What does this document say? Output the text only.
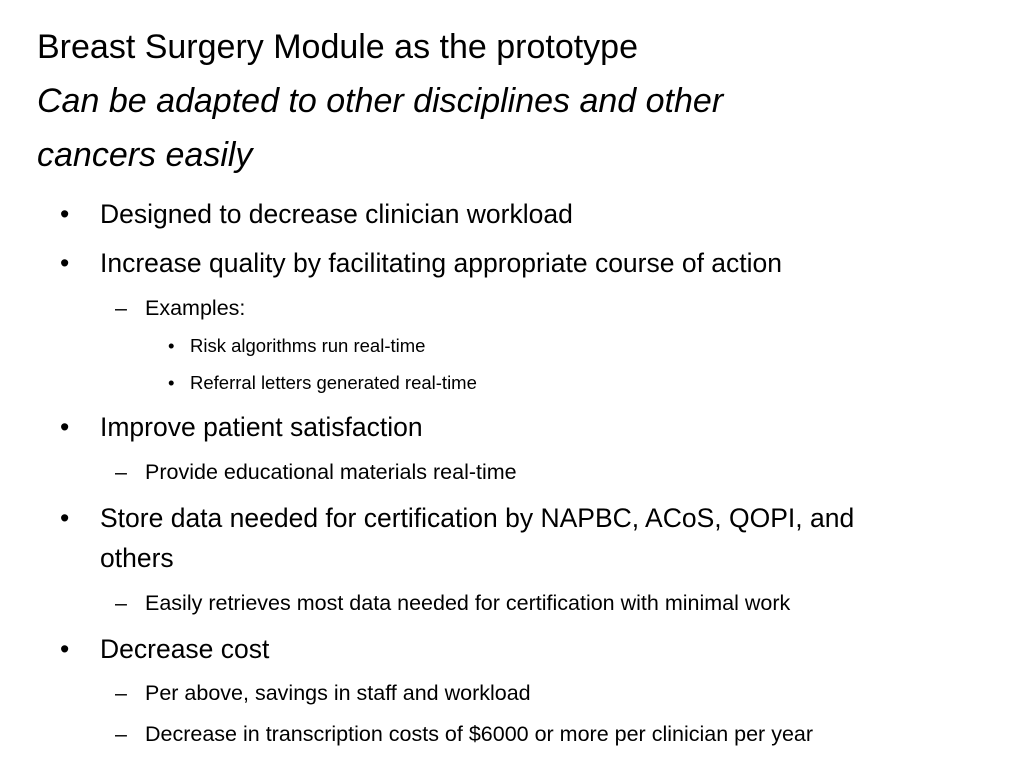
Breast Surgery Module as the prototype

Can be adapted to other disciplines and other

cancers easily

• Designed to decrease clinician workload
• Increase quality by facilitating appropriate course of action
– Examples:
• Risk algorithms run real-time
• Referral letters generated real-time
• Improve patient satisfaction
– Provide educational materials real-time
• Store data needed for certification by NAPBC, ACoS, QOPI, and
others
– Easily retrieves most data needed for certification with minimal work
• Decrease cost
– Per above, savings in staff and workload
– Decrease in transcription costs of $6000 or more per clinician per year
